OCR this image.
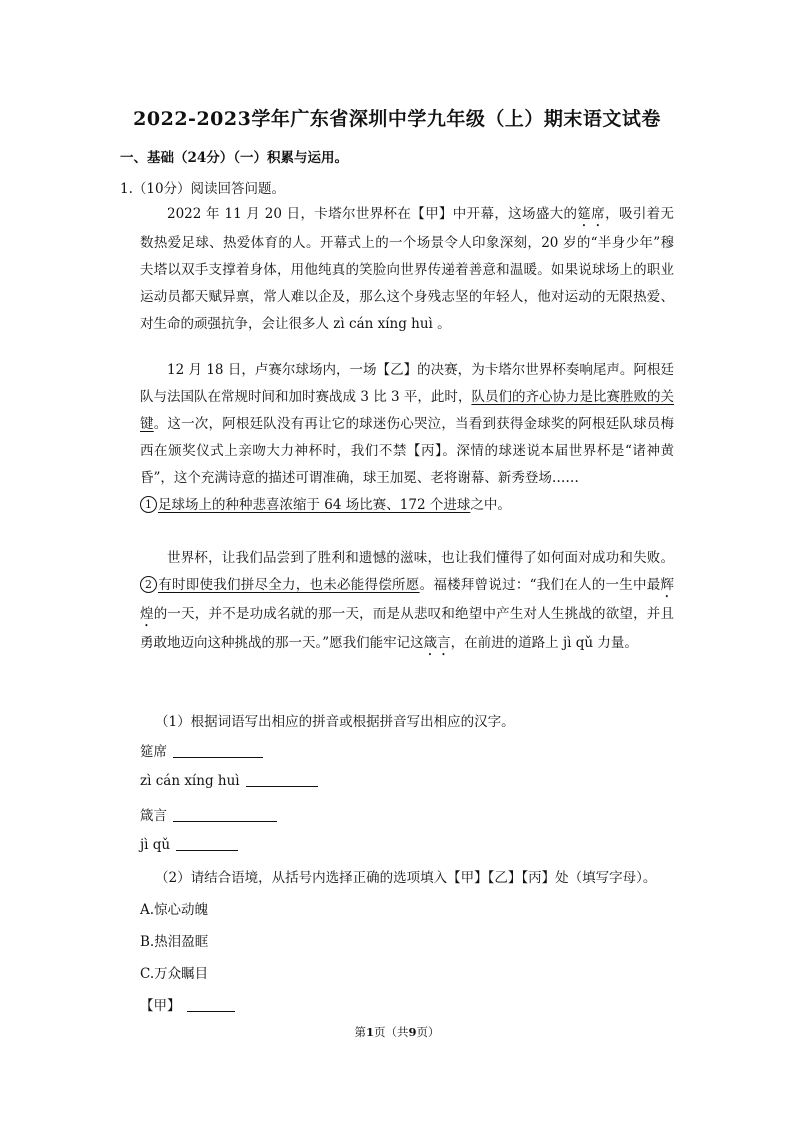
2022-2023学年广东省深圳中学九年级（上）期末语文试卷
一、基础（24分）（一）积累与运用。
1.（10分）阅读回答问题。
2022 年 11 月 20 日，卡塔尔世界杯在【甲】中开幕，这场盛大的筵席，吸引着无数热爱足球、热爱体育的人。开幕式上的一个场景令人印象深刻，20 岁的“半身少年”穆夫塔以双手支撑着身体，用他纯真的笑脸向世界传递着善意和温暖。如果说球场上的职业运动员都天赋异禀，常人难以企及，那么这个身残志坚的年轻人，他对运动的无限热爱、对生命的顽强抗争，会让很多人 zì cán xíng huì 。
12 月 18 日，卢赛尔球场内，一场【乙】的决赛，为卡塔尔世界杯奏响尾声。阿根廷队与法国队在常规时间和加时赛战成 3 比 3 平，此时，队员们的齐心协力是比赛胜败的关键。这一次，阿根廷队没有再让它的球迷伤心哭泣，当看到获得金球奖的阿根廷队球员梅西在颁奖仪式上亲吻大力神杯时，我们不禁【丙】。深情的球迷说本届世界杯是“诸神黄昏”，这个充满诗意的描述可谓准确，球王加冕、老将谢幕、新秀登场……
1 足球场上的种种悲喜浓缩于 64 场比赛、172 个进球之中。
世界杯，让我们品尝到了胜利和遗憾的滋味，也让我们懂得了如何面对成功和失败。2 有时即使我们拼尽全力，也未必能得偿所愿。福楼拜曾说过：“我们在人的一生中最辉煌的一天，并不是功成名就的那一天，而是从悲叹和绝望中产生对人生挑战的欲望，并且勇敢地迈向这种挑战的那一天。”愿我们能牢记这箴言，在前进的道路上 jì qǔ 力量。
（1）根据词语写出相应的拼音或根据拼音写出相应的汉字。
筵席
zì cán xíng huì
箴言
jì qǔ
（2）请结合语境，从括号内选择正确的选项填入【甲】【乙】【丙】处（填写字母）。
A.惊心动魄
B.热泪盈眶
C.万众瞩目
【甲】
第1页（共9页）
